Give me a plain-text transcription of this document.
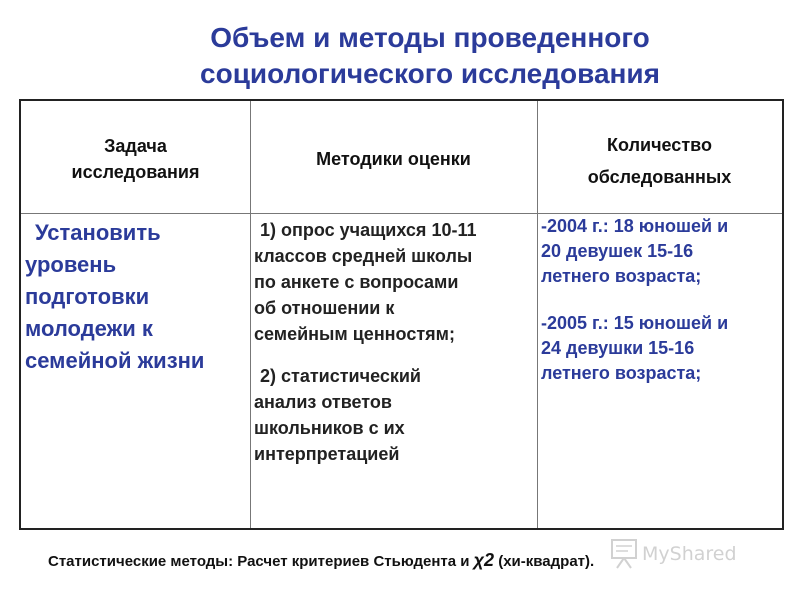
Объем и методы проведенного
социологического исследования
Задача
исследования
Методики оценки
Количество
обследованных
Установить
уровень
подготовки
молодежи к
семейной жизни

1) опрос учащихся 10-11
классов средней школы
по анкете с вопросами
об отношении к
семейным ценностям;

2) статистический
анализ ответов
школьников с их
интерпретацией

-2004 г.: 18 юношей и
20 девушек 15-16
летнего возраста;

-2005 г.: 15 юношей и
24 девушки 15-16
летнего возраста;

Статистические методы: Расчет критериев Стьюдента и χ2 (хи-квадрат).	MyShared
